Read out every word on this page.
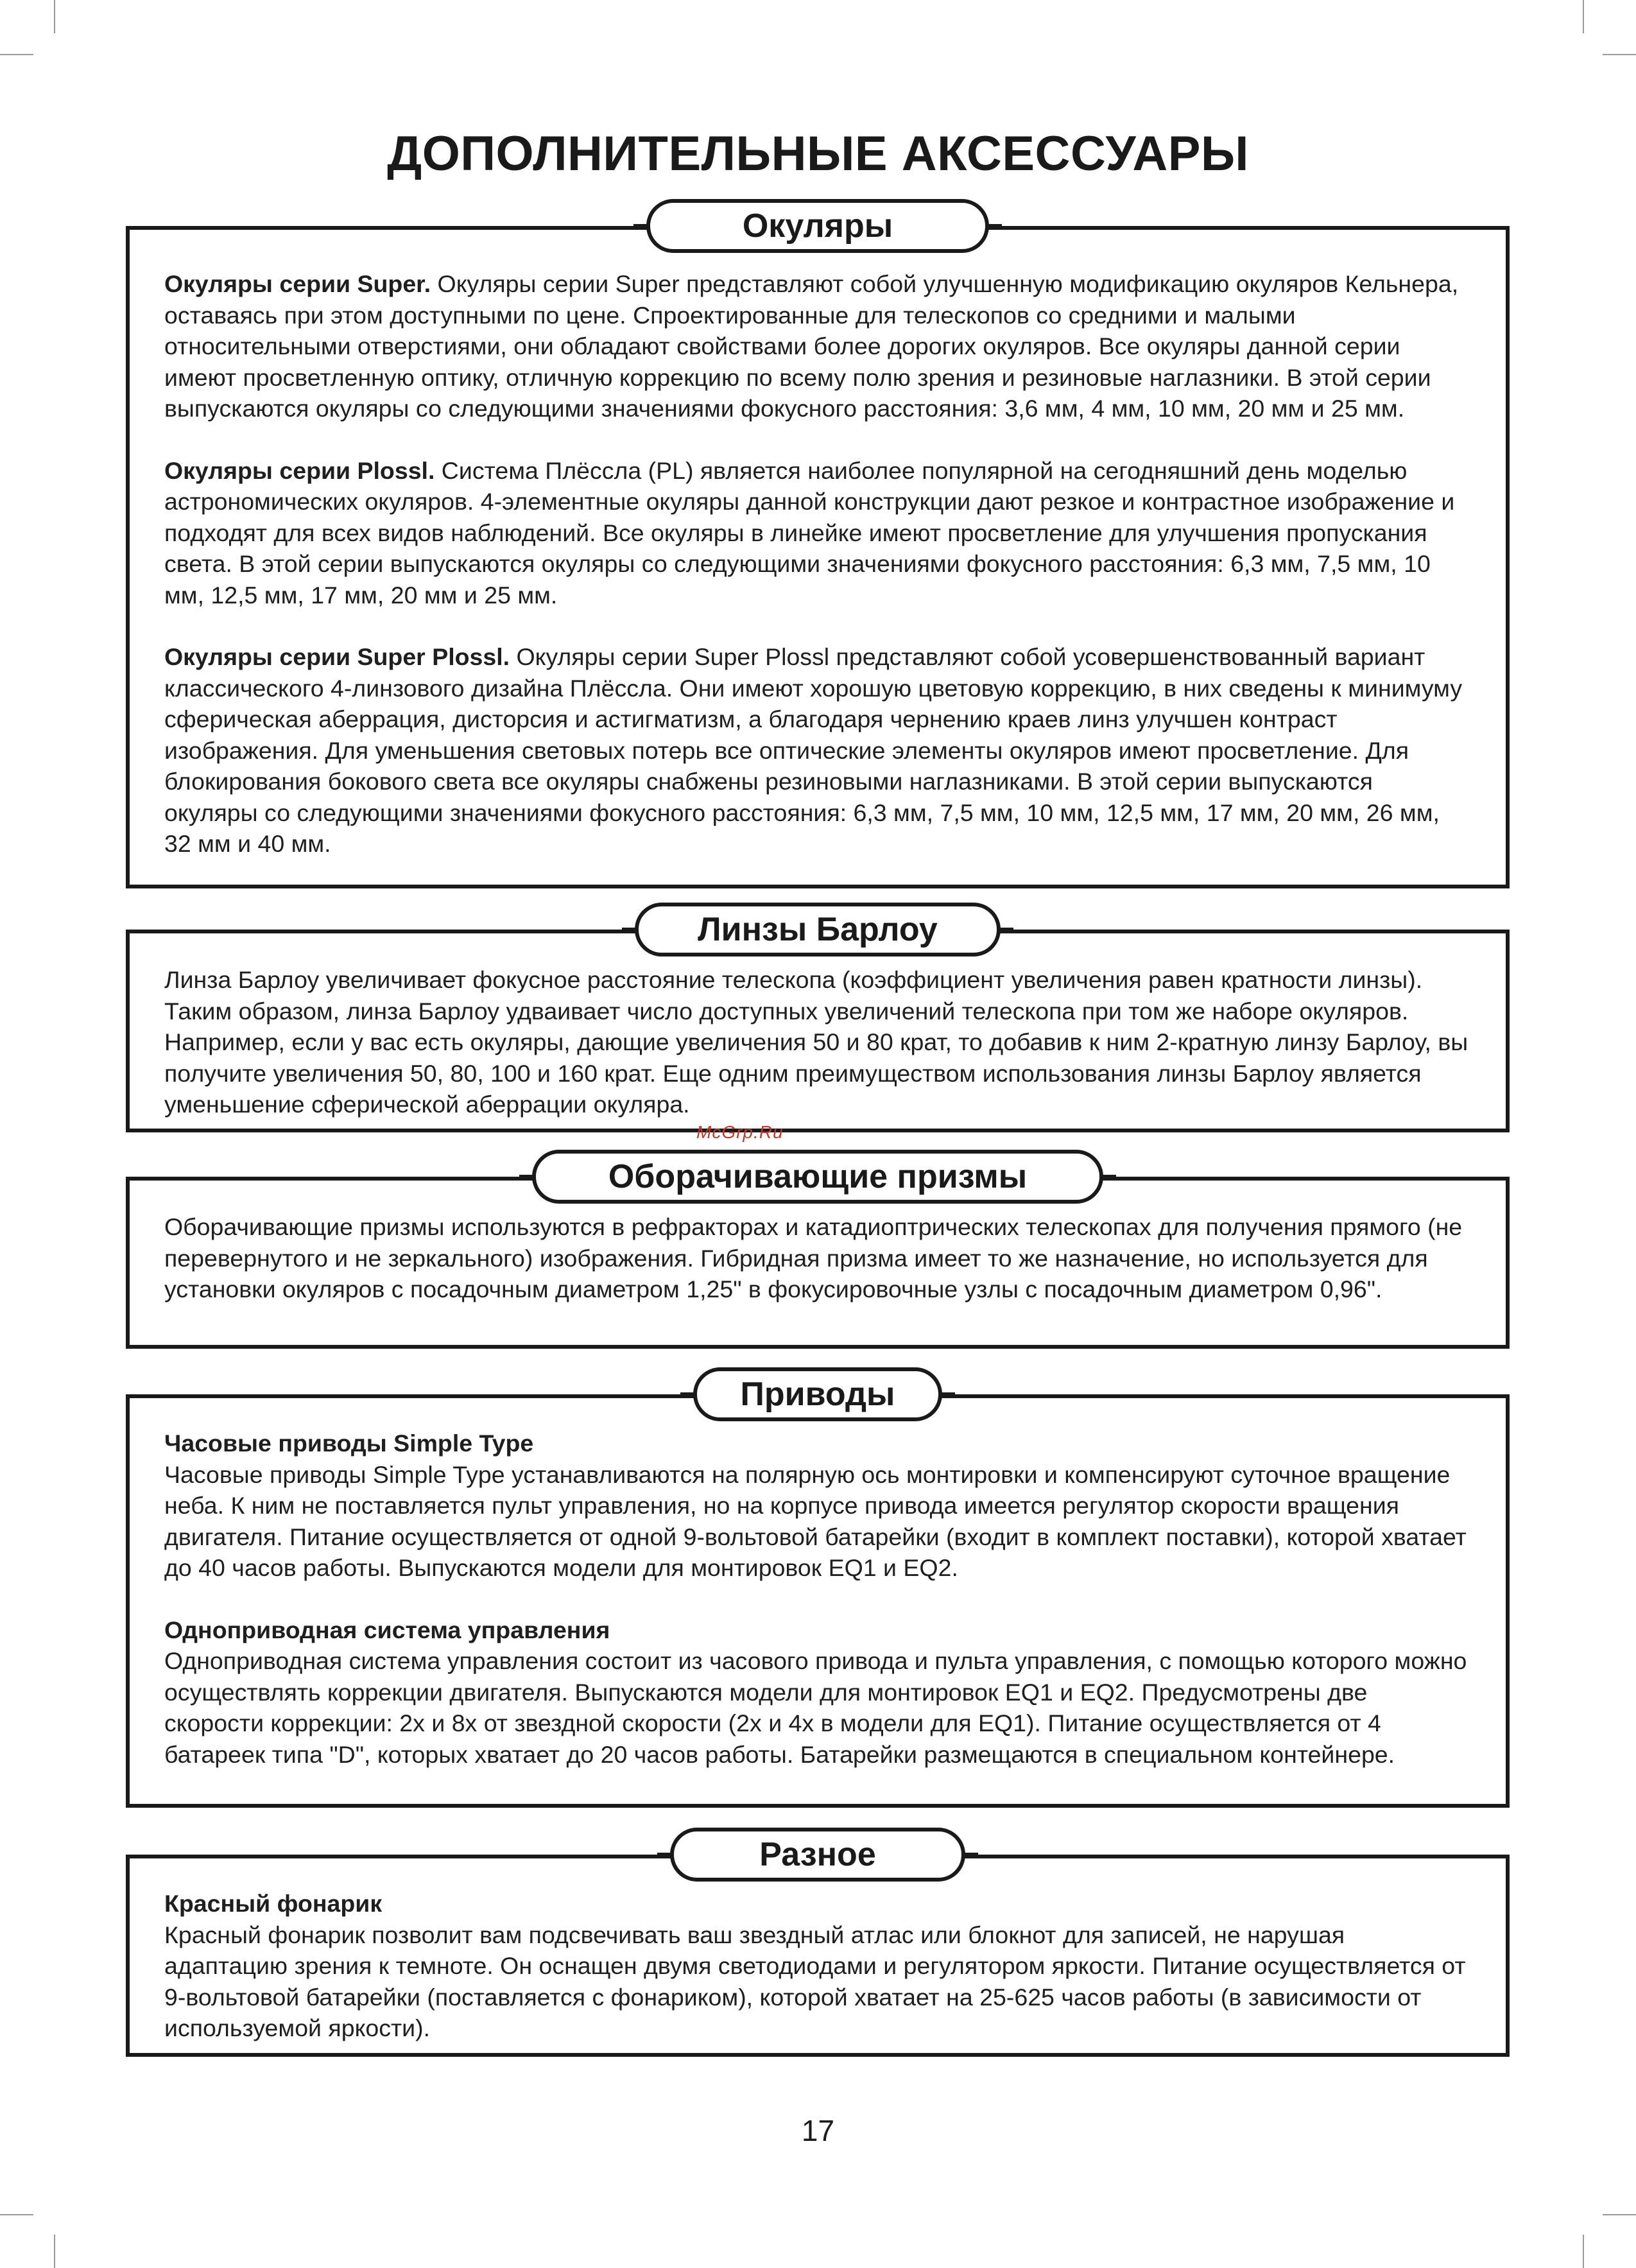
ДОПОЛНИТЕЛЬНЫЕ АКСЕССУАРЫ
Окуляры

Окуляры серии Super. Окуляры серии Super представляют собой улучшенную модификацию окуляров Кельнера, оставаясь при этом доступными по цене. Спроектированные для телескопов со средними и малыми относительными отверстиями, они обладают свойствами более дорогих окуляров. Все окуляры данной серии имеют просветленную оптику, отличную коррекцию по всему полю зрения и резиновые наглазники. В этой серии выпускаются окуляры со следующими значениями фокусного расстояния: 3,6 мм, 4 мм, 10 мм, 20 мм и 25 мм.

Окуляры серии Plossl. Система Плёссла (PL) является наиболее популярной на сегодняшний день моделью астрономических окуляров. 4-элементные окуляры данной конструкции дают резкое и контрастное изображение и подходят для всех видов наблюдений. Все окуляры в линейке имеют просветление для улучшения пропускания света. В этой серии выпускаются окуляры со следующими значениями фокусного расстояния: 6,3 мм, 7,5 мм, 10 мм, 12,5 мм, 17 мм, 20 мм и 25 мм.

Окуляры серии Super Plossl. Окуляры серии Super Plossl представляют собой усовершенствованный вариант классического 4-линзового дизайна Плёссла. Они имеют хорошую цветовую коррекцию, в них сведены к минимуму сферическая аберрация, дисторсия и астигматизм, а благодаря чернению краев линз улучшен контраст изображения. Для уменьшения световых потерь все оптические элементы окуляров имеют просветление. Для блокирования бокового света все окуляры снабжены резиновыми наглазниками. В этой серии выпускаются окуляры со следующими значениями фокусного расстояния: 6,3 мм, 7,5 мм, 10 мм, 12,5 мм, 17 мм, 20 мм, 26 мм, 32 мм и 40 мм.

Линзы Барлоу

Линза Барлоу увеличивает фокусное расстояние телескопа (коэффициент увеличения равен кратности линзы). Таким образом, линза Барлоу удваивает число доступных увеличений телескопа при том же наборе окуляров. Например, если у вас есть окуляры, дающие увеличения 50 и 80 крат, то добавив к ним 2-кратную линзу Барлоу, вы получите увеличения 50, 80, 100 и 160 крат. Еще одним преимуществом использования линзы Барлоу является уменьшение сферической аберрации окуляра.

McGrp.Ru
Оборачивающие призмы

Оборачивающие призмы используются в рефракторах и катадиоптрических телескопах для получения прямого (не перевернутого и не зеркального) изображения. Гибридная призма имеет то же назначение, но используется для установки окуляров с посадочным диаметром 1,25" в фокусировочные узлы с посадочным диаметром 0,96".

Приводы

Часовые приводы Simple Type
Часовые приводы Simple Type устанавливаются на полярную ось монтировки и компенсируют суточное вращение неба. К ним не поставляется пульт управления, но на корпусе привода имеется регулятор скорости вращения двигателя. Питание осуществляется от одной 9-вольтовой батарейки (входит в комплект поставки), которой хватает до 40 часов работы. Выпускаются модели для монтировок EQ1 и EQ2.

Одноприводная система управления
Одноприводная система управления состоит из часового привода и пульта управления, с помощью которого можно осуществлять коррекции двигателя. Выпускаются модели для монтировок EQ1 и EQ2. Предусмотрены две скорости коррекции: 2х и 8х от звездной скорости (2х и 4х в модели для EQ1). Питание осуществляется от 4 батареек типа "D", которых хватает до 20 часов работы. Батарейки размещаются в специальном контейнере.

Разное

Красный фонарик
Красный фонарик позволит вам подсвечивать ваш звездный атлас или блокнот для записей, не нарушая адаптацию зрения к темноте. Он оснащен двумя светодиодами и регулятором яркости. Питание осуществляется от 9-вольтовой батарейки (поставляется с фонариком), которой хватает на 25-625 часов работы (в зависимости от используемой яркости).

17
